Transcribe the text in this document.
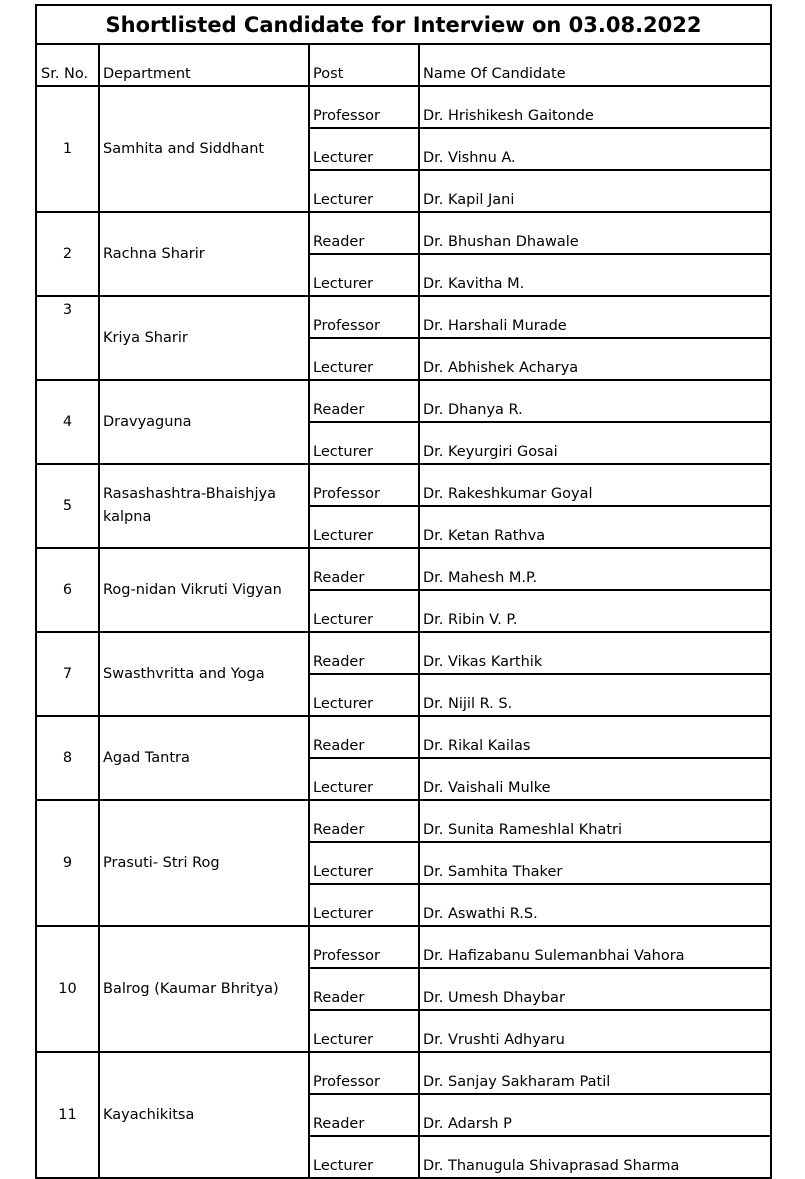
Shortlisted Candidate for Interview on 03.08.2022			
Sr. No.	Department	Post	Name Of Candidate
1	Samhita and Siddhant	Professor	Dr. Hrishikesh Gaitonde
		Lecturer	Dr. Vishnu A.
		Lecturer	Dr. Kapil Jani
2	Rachna Sharir	Reader	Dr. Bhushan Dhawale
		Lecturer	Dr. Kavitha M.
3	Kriya Sharir	Professor	Dr. Harshali Murade
		Lecturer	Dr. Abhishek Acharya
4	Dravyaguna	Reader	Dr. Dhanya R.
		Lecturer	Dr. Keyurgiri Gosai
5	Rasashashtra-Bhaishjya kalpna	Professor	Dr. Rakeshkumar Goyal
		Lecturer	Dr. Ketan Rathva
6	Rog-nidan Vikruti Vigyan	Reader	Dr. Mahesh M.P.
		Lecturer	Dr. Ribin V. P.
7	Swasthvritta and Yoga	Reader	Dr. Vikas Karthik
		Lecturer	Dr. Nijil R. S.
8	Agad Tantra	Reader	Dr. Rikal Kailas
		Lecturer	Dr. Vaishali Mulke
9	Prasuti- Stri Rog	Reader	Dr. Sunita Rameshlal Khatri
		Lecturer	Dr. Samhita Thaker
		Lecturer	Dr. Aswathi R.S.
10	Balrog (Kaumar Bhritya)	Professor	Dr. Hafizabanu Sulemanbhai Vahora
		Reader	Dr. Umesh Dhaybar
		Lecturer	Dr. Vrushti Adhyaru
11	Kayachikitsa	Professor	Dr. Sanjay Sakharam Patil
		Reader	Dr. Adarsh P
		Lecturer	Dr. Thanugula Shivaprasad Sharma
